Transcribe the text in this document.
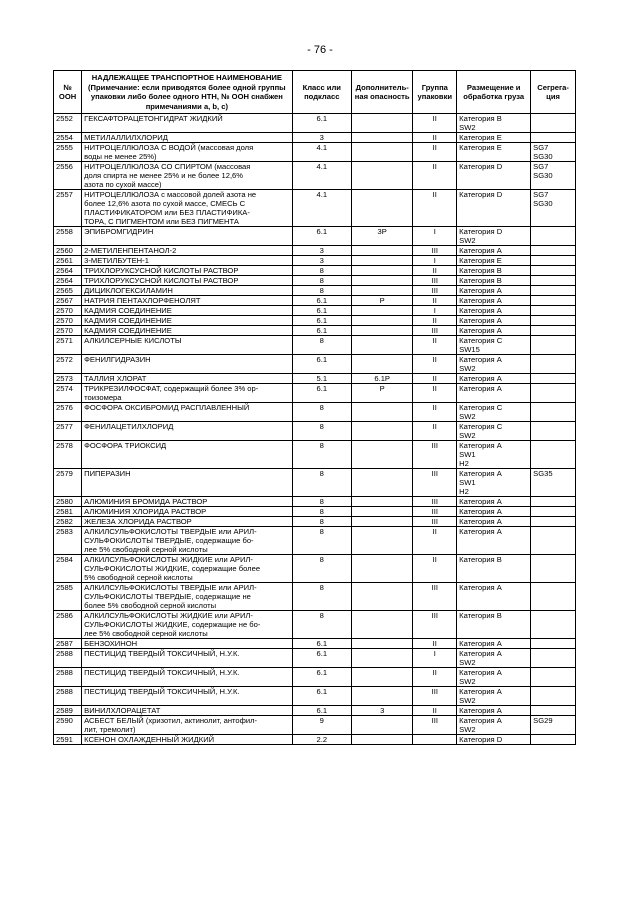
- 76 -
№ ООН	НАДЛЕЖАЩЕЕ ТРАНСПОРТНОЕ НАИМЕНОВАНИЕ
(Примечание: если приводятся более одной группы упаковки либо более одного НТН, № ООН снабжен примечаниями a, b, c)	Класс или подкласс	Дополнитель-ная опасность	Группа упаковки	Размещение и обработка груза	Сегрега-ция

2552	ГЕКСАФТОРАЦЕТОНГИДРАТ ЖИДКИЙ	6.1		II	Категория B
SW2	

2554	МЕТИЛАЛЛИЛХЛОРИД	3		II	Категория E	

2555	НИТРОЦЕЛЛЮЛОЗА С ВОДОЙ (массовая доля
воды не менее 25%)	4.1		II	Категория E	SG7
SG30

2556	НИТРОЦЕЛЛЮЛОЗА СО СПИРТОМ (массовая
доля спирта не менее 25% и не более 12,6%
азота по сухой массе)	4.1		II	Категория D	SG7
SG30

2557	НИТРОЦЕЛЛЮЛОЗА с массовой долей азота не
более 12,6% азота по сухой массе, СМЕСЬ С
ПЛАСТИФИКАТОРОМ или БЕЗ ПЛАСТИФИКА-
ТОРА, С ПИГМЕНТОМ или БЕЗ ПИГМЕНТА	4.1		II	Категория D	SG7
SG30

2558	ЭПИБРОМГИДРИН	6.1	3P	I	Категория D
SW2	

2560	2-МЕТИЛЕНПЕНТАНОЛ-2	3		III	Категория A	

2561	3-МЕТИЛБУТЕН-1	3		I	Категория E	

2564	ТРИХЛОРУКСУСНОЙ КИСЛОТЫ РАСТВОР	8		II	Категория B	

2564	ТРИХЛОРУКСУСНОЙ КИСЛОТЫ РАСТВОР	8		III	Категория B	

2565	ДИЦИКЛОГЕКСИЛАМИН	8		III	Категория A	

2567	НАТРИЯ ПЕНТАХЛОРФЕНОЛЯТ	6.1	P	II	Категория A	

2570	КАДМИЯ СОЕДИНЕНИЕ	6.1		I	Категория A	

2570	КАДМИЯ СОЕДИНЕНИЕ	6.1		II	Категория A	

2570	КАДМИЯ СОЕДИНЕНИЕ	6.1		III	Категория A	

2571	АЛКИЛСЕРНЫЕ КИСЛОТЫ	8		II	Категория C
SW15	

2572	ФЕНИЛГИДРАЗИН	6.1		II	Категория A
SW2	

2573	ТАЛЛИЯ ХЛОРАТ	5.1	6.1P	II	Категория A	

2574	ТРИКРЕЗИЛФОСФАТ, содержащий более 3% ор-
тоизомера	6.1	P	II	Категория A	

2576	ФОСФОРА ОКСИБРОМИД РАСПЛАВЛЕННЫЙ	8		II	Категория C
SW2	

2577	ФЕНИЛАЦЕТИЛХЛОРИД	8		II	Категория C
SW2	

2578	ФОСФОРА ТРИОКСИД	8		III	Категория A
SW1
H2	

2579	ПИПЕРАЗИН	8		III	Категория A
SW1
H2	SG35

2580	АЛЮМИНИЯ БРОМИДА РАСТВОР	8		III	Категория A	

2581	АЛЮМИНИЯ ХЛОРИДА РАСТВОР	8		III	Категория A	

2582	ЖЕЛЕЗА ХЛОРИДА РАСТВОР	8		III	Категория A	

2583	АЛКИЛСУЛЬФОКИСЛОТЫ ТВЕРДЫЕ или АРИЛ-
СУЛЬФОКИСЛОТЫ ТВЕРДЫЕ, содержащие бо-
лее 5% свободной серной кислоты	8		II	Категория A	

2584	АЛКИЛСУЛЬФОКИСЛОТЫ ЖИДКИЕ или АРИЛ-
СУЛЬФОКИСЛОТЫ ЖИДКИЕ, содержащие более
5% свободной серной кислоты	8		II	Категория B	

2585	АЛКИЛСУЛЬФОКИСЛОТЫ ТВЕРДЫЕ или АРИЛ-
СУЛЬФОКИСЛОТЫ ТВЕРДЫЕ, содержащие не
более 5% свободной серной кислоты	8		III	Категория A	

2586	АЛКИЛСУЛЬФОКИСЛОТЫ ЖИДКИЕ или АРИЛ-
СУЛЬФОКИСЛОТЫ ЖИДКИЕ, содержащие не бо-
лее 5% свободной серной кислоты	8		III	Категория B	

2587	БЕНЗОХИНОН	6.1		II	Категория A	

2588	ПЕСТИЦИД ТВЕРДЫЙ ТОКСИЧНЫЙ, Н.У.К.	6.1		I	Категория A
SW2	

2588	ПЕСТИЦИД ТВЕРДЫЙ ТОКСИЧНЫЙ, Н.У.К.	6.1		II	Категория A
SW2	

2588	ПЕСТИЦИД ТВЕРДЫЙ ТОКСИЧНЫЙ, Н.У.К.	6.1		III	Категория A
SW2	

2589	ВИНИЛХЛОРАЦЕТАТ	6.1	3	II	Категория A	

2590	АСБЕСТ БЕЛЫЙ (хризотил, актинолит, антофил-
лит, тремолит)	9		III	Категория A
SW2	SG29

2591	КСЕНОН ОХЛАЖДЕННЫЙ ЖИДКИЙ	2.2			Категория D	
